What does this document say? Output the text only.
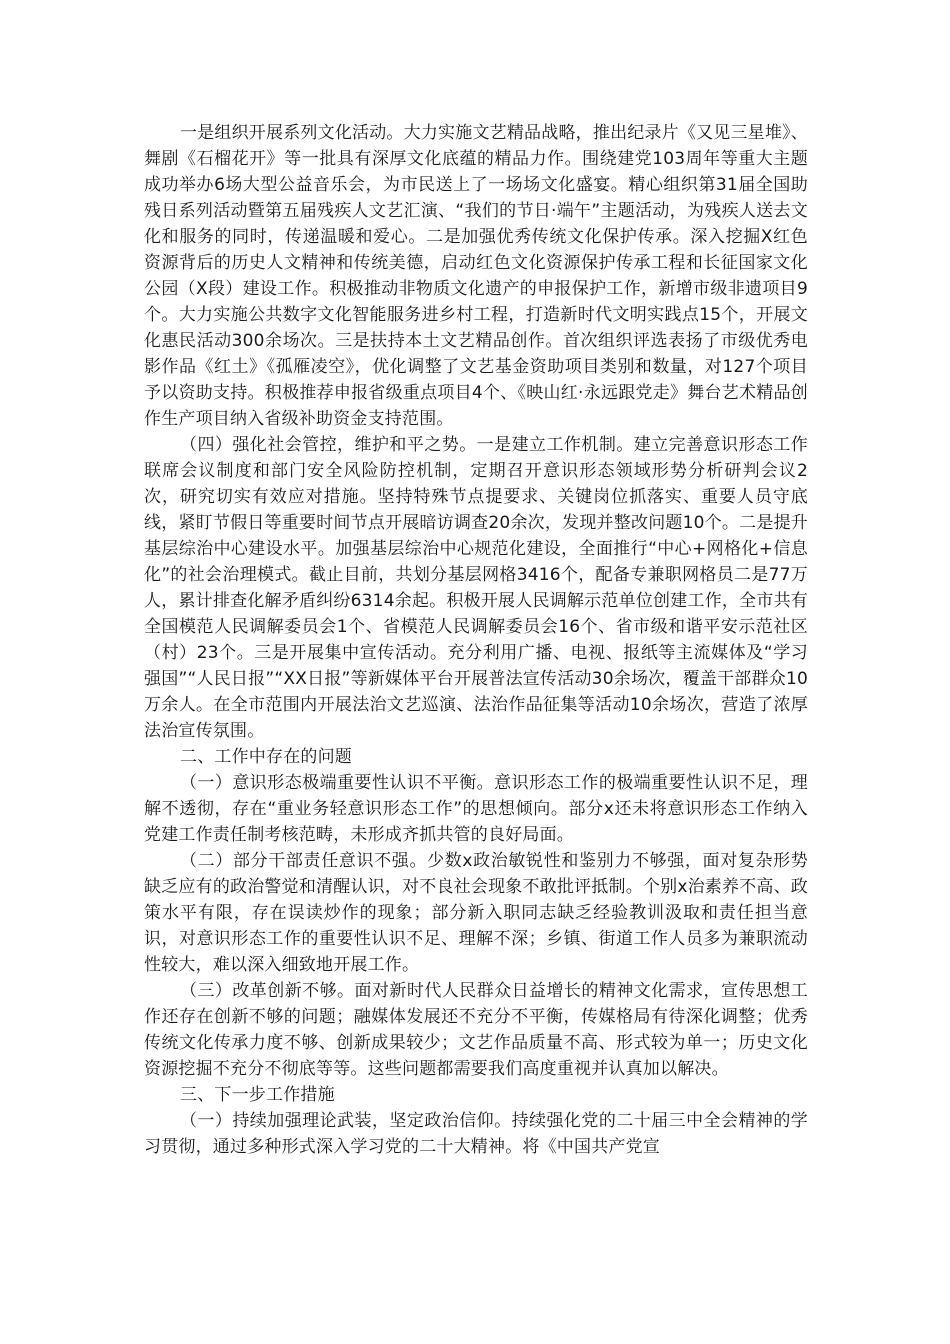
一是组织开展系列文化活动。大力实施文艺精品战略，推出纪录片《又见三星堆》、舞剧《石榴花开》等一批具有深厚文化底蕴的精品力作。围绕建党103周年等重大主题成功举办6场大型公益音乐会，为市民送上了一场场文化盛宴。精心组织第31届全国助残日系列活动暨第五届残疾人文艺汇演、“我们的节日·端午”主题活动，为残疾人送去文化和服务的同时，传递温暖和爱心。二是加强优秀传统文化保护传承。深入挖掘X红色资源背后的历史人文精神和传统美德，启动红色文化资源保护传承工程和长征国家文化公园（X段）建设工作。积极推动非物质文化遗产的申报保护工作，新增市级非遗项目9个。大力实施公共数字文化智能服务进乡村工程，打造新时代文明实践点15个，开展文化惠民活动300余场次。三是扶持本土文艺精品创作。首次组织评选表扬了市级优秀电影作品《红土》《孤雁凌空》，优化调整了文艺基金资助项目类别和数量，对127个项目予以资助支持。积极推荐申报省级重点项目4个、《映山红·永远跟党走》舞台艺术精品创作生产项目纳入省级补助资金支持范围。

（四）强化社会管控，维护和平之势。一是建立工作机制。建立完善意识形态工作联席会议制度和部门安全风险防控机制，定期召开意识形态领域形势分析研判会议2次，研究切实有效应对措施。坚持特殊节点提要求、关键岗位抓落实、重要人员守底线，紧盯节假日等重要时间节点开展暗访调查20余次，发现并整改问题10个。二是提升基层综治中心建设水平。加强基层综治中心规范化建设，全面推行“中心+网格化+信息化”的社会治理模式。截止目前，共划分基层网格3416个，配备专兼职网格员二是77万人，累计排查化解矛盾纠纷6314余起。积极开展人民调解示范单位创建工作，全市共有全国模范人民调解委员会1个、省模范人民调解委员会16个、省市级和谐平安示范社区（村）23个。三是开展集中宣传活动。充分利用广播、电视、报纸等主流媒体及“学习强国”“人民日报”“XX日报”等新媒体平台开展普法宣传活动30余场次，覆盖干部群众10万余人。在全市范围内开展法治文艺巡演、法治作品征集等活动10余场次，营造了浓厚法治宣传氛围。

二、工作中存在的问题

（一）意识形态极端重要性认识不平衡。意识形态工作的极端重要性认识不足，理解不透彻，存在“重业务轻意识形态工作”的思想倾向。部分x还未将意识形态工作纳入党建工作责任制考核范畴，未形成齐抓共管的良好局面。

（二）部分干部责任意识不强。少数x政治敏锐性和鉴别力不够强，面对复杂形势缺乏应有的政治警觉和清醒认识，对不良社会现象不敢批评抵制。个别x治素养不高、政策水平有限，存在误读炒作的现象；部分新入职同志缺乏经验教训汲取和责任担当意识，对意识形态工作的重要性认识不足、理解不深；乡镇、街道工作人员多为兼职流动性较大，难以深入细致地开展工作。

（三）改革创新不够。面对新时代人民群众日益增长的精神文化需求，宣传思想工作还存在创新不够的问题；融媒体发展还不充分不平衡，传媒格局有待深化调整；优秀传统文化传承力度不够、创新成果较少；文艺作品质量不高、形式较为单一；历史文化资源挖掘不充分不彻底等等。这些问题都需要我们高度重视并认真加以解决。

三、下一步工作措施

（一）持续加强理论武装，坚定政治信仰。持续强化党的二十届三中全会精神的学习贯彻，通过多种形式深入学习党的二十大精神。将《中国共产党宣
